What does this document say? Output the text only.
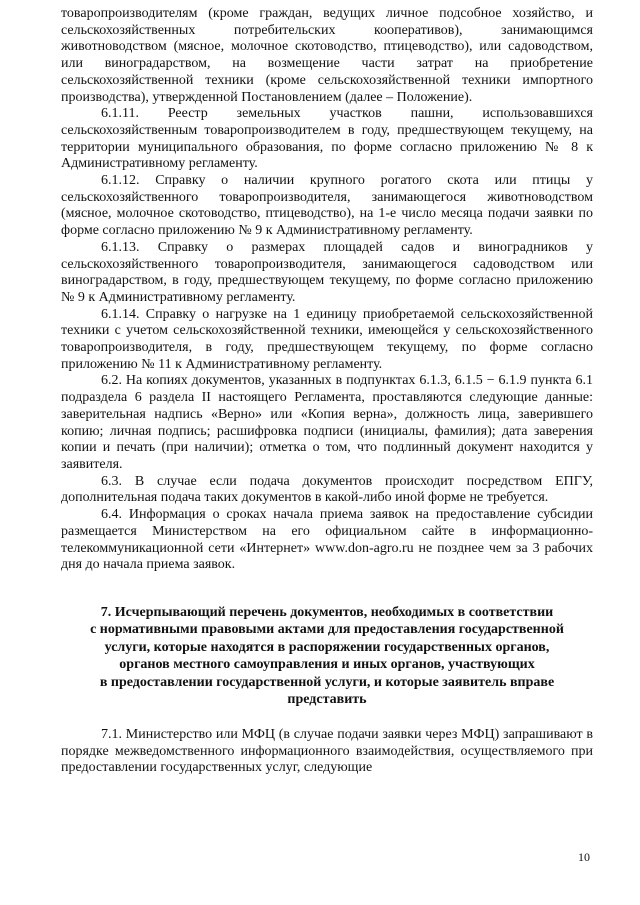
товаропроизводителям (кроме граждан, ведущих личное подсобное хозяйство, и сельскохозяйственных потребительских кооперативов), занимающимся животноводством (мясное, молочное скотоводство, птицеводство), или садоводством, или виноградарством, на возмещение части затрат на приобретение сельскохозяйственной техники (кроме сельскохозяйственной техники импортного производства), утвержденной Постановлением (далее – Положение).

6.1.11. Реестр земельных участков пашни, использовавшихся сельскохозяйственным товаропроизводителем в году, предшествующем текущему, на территории муниципального образования, по форме согласно приложению № 8 к Административному регламенту.

6.1.12. Справку о наличии крупного рогатого скота или птицы у сельскохозяйственного товаропроизводителя, занимающегося животноводством (мясное, молочное скотоводство, птицеводство), на 1-е число месяца подачи заявки по форме согласно приложению № 9 к Административному регламенту.

6.1.13. Справку о размерах площадей садов и виноградников у сельскохозяйственного товаропроизводителя, занимающегося садоводством или виноградарством, в году, предшествующем текущему, по форме согласно приложению № 9 к Административному регламенту.

6.1.14. Справку о нагрузке на 1 единицу приобретаемой сельскохозяйственной техники с учетом сельскохозяйственной техники, имеющейся у сельскохозяйственного товаропроизводителя, в году, предшествующем текущему, по форме согласно приложению № 11 к Административному регламенту.

6.2. На копиях документов, указанных в подпунктах 6.1.3, 6.1.5 − 6.1.9 пункта 6.1 подраздела 6 раздела II настоящего Регламента, проставляются следующие данные: заверительная надпись «Верно» или «Копия верна», должность лица, заверившего копию; личная подпись; расшифровка подписи (инициалы, фамилия); дата заверения копии и печать (при наличии); отметка о том, что подлинный документ находится у заявителя.

6.3. В случае если подача документов происходит посредством ЕПГУ, дополнительная подача таких документов в какой-либо иной форме не требуется.

6.4. Информация о сроках начала приема заявок на предоставление субсидии размещается Министерством на его официальном сайте в информационно-телекоммуникационной сети «Интернет» www.don-agro.ru не позднее чем за 3 рабочих дня до начала приема заявок.

7. Исчерпывающий перечень документов, необходимых в соответствии
с нормативными правовыми актами для предоставления государственной
услуги, которые находятся в распоряжении государственных органов,
органов местного самоуправления и иных органов, участвующих
в предоставлении государственной услуги, и которые заявитель вправе
представить

7.1. Министерство или МФЦ (в случае подачи заявки через МФЦ) запрашивают в порядке межведомственного информационного взаимодействия, осуществляемого при предоставлении государственных услуг, следующие

10
